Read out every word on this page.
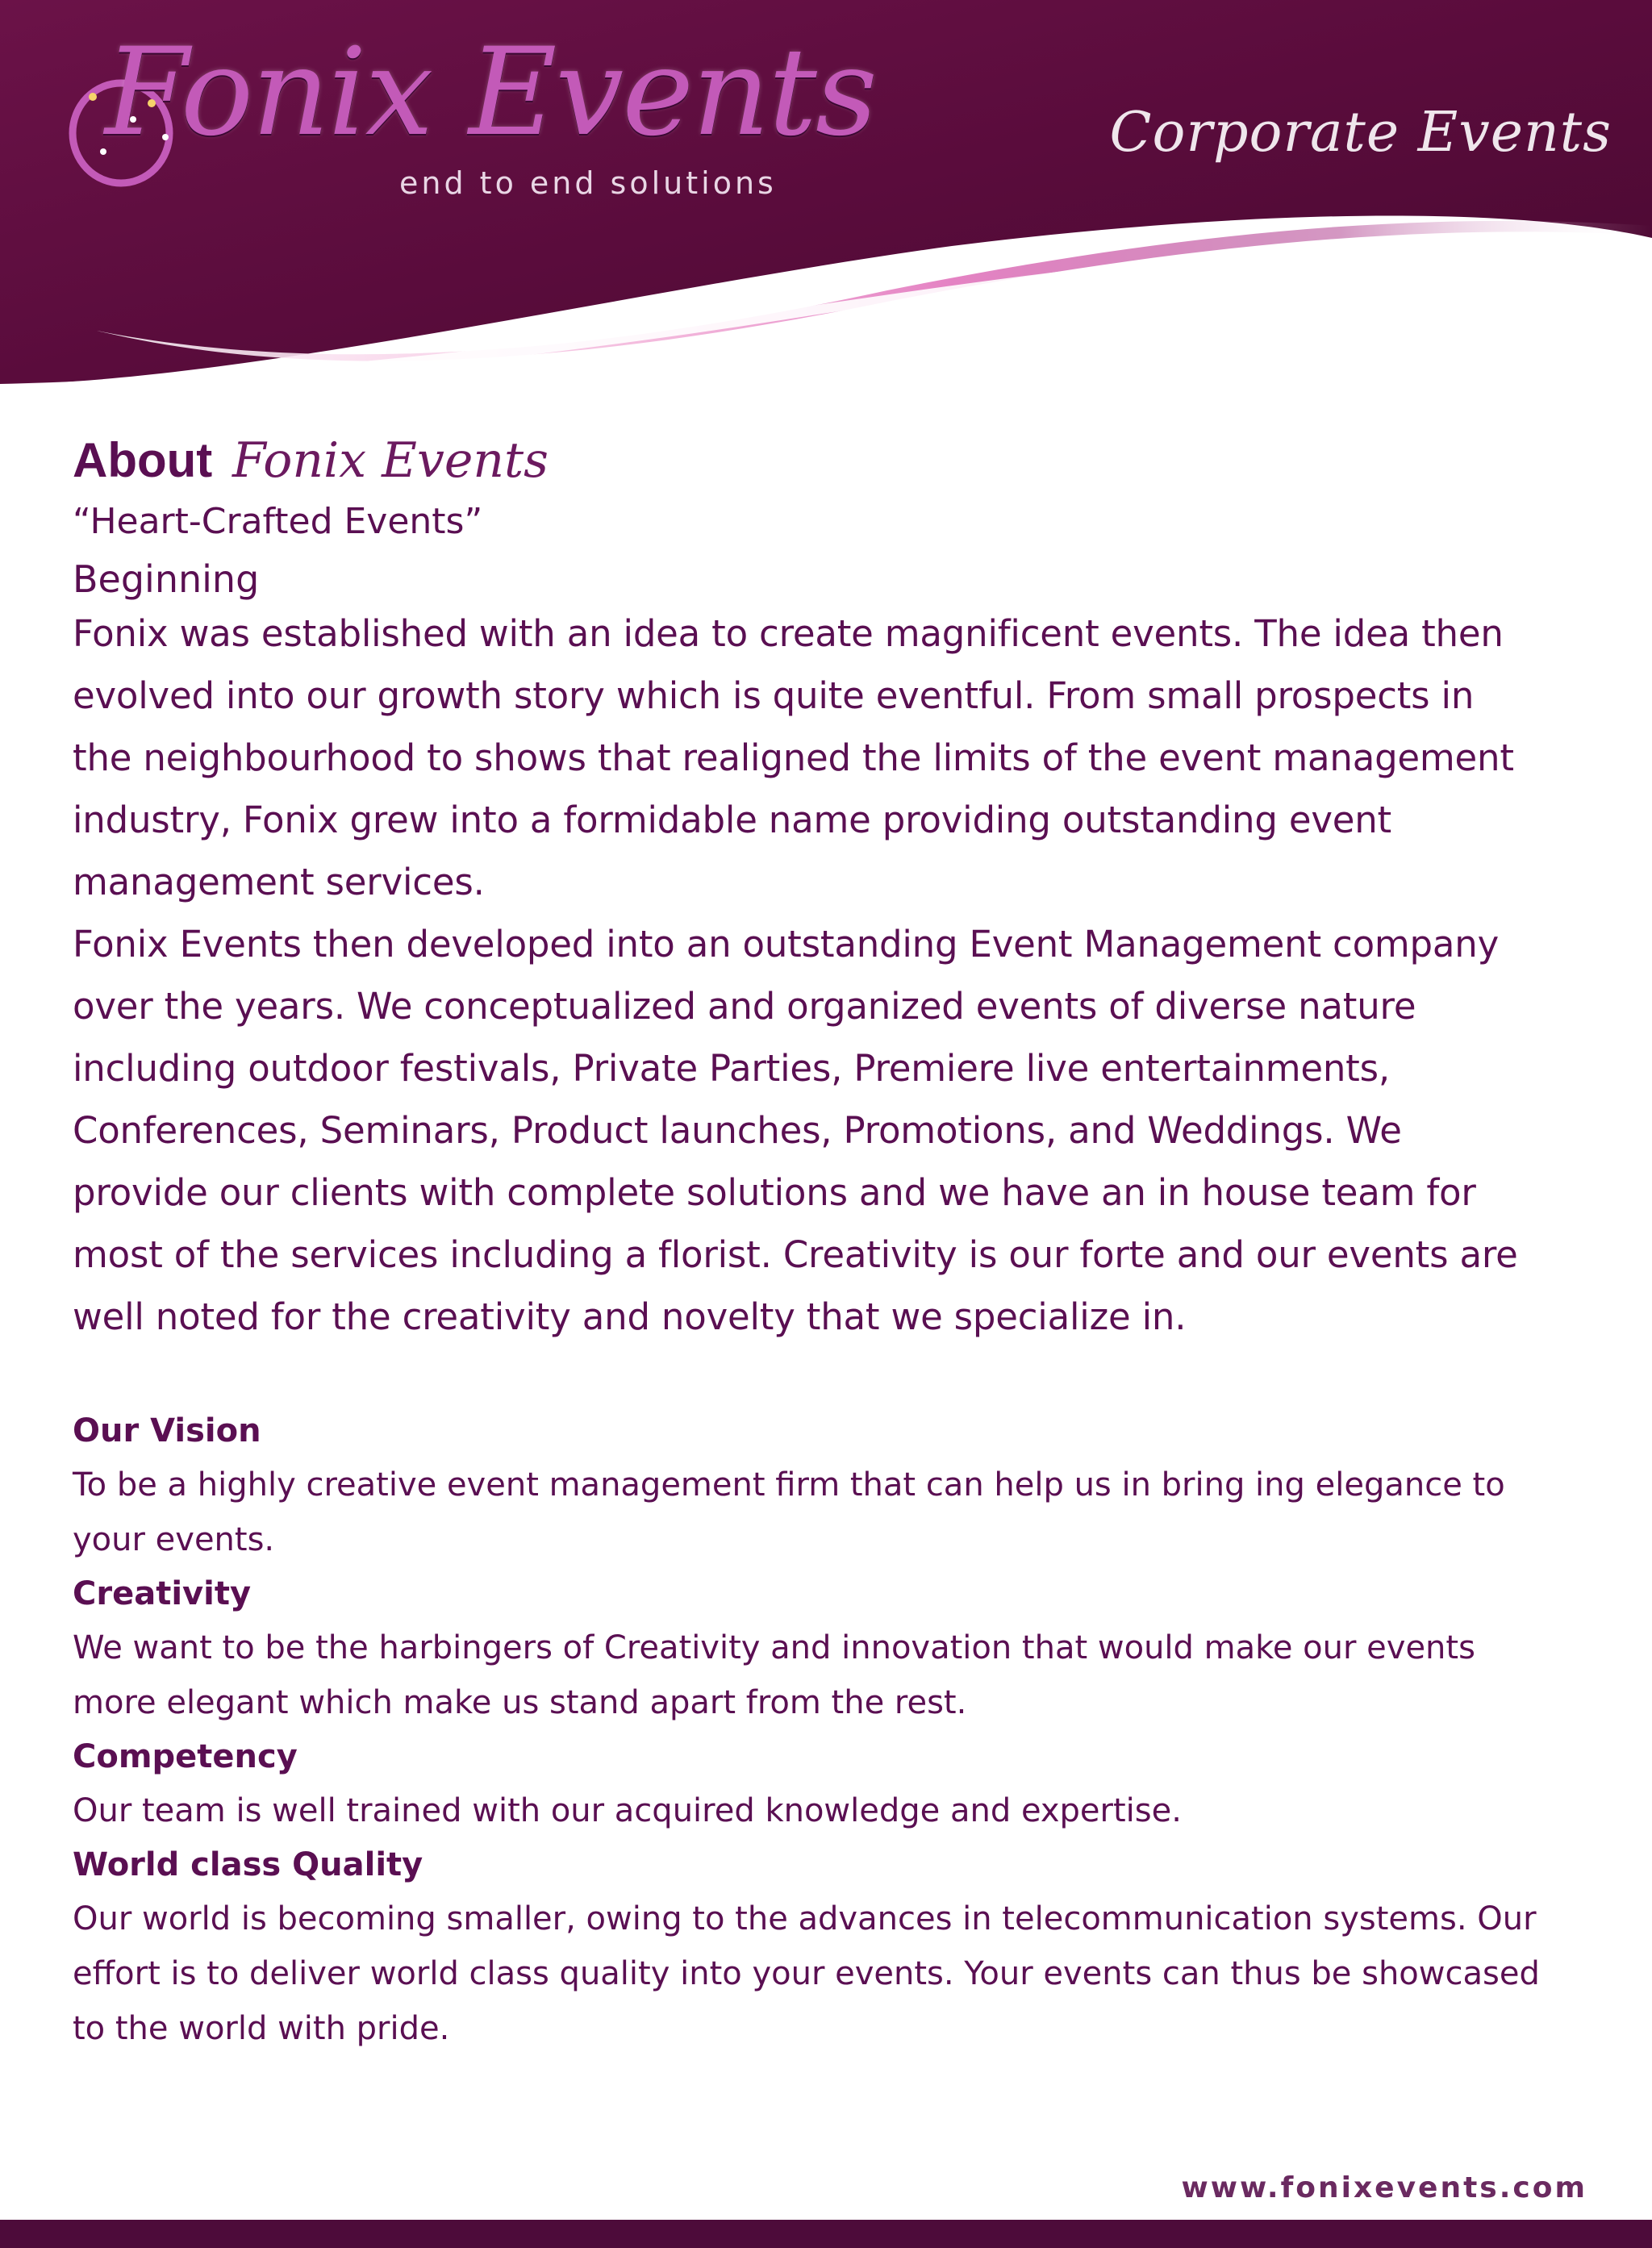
Fonix Events
end to end solutions
Corporate Events
About Fonix Events

“Heart-Crafted Events”

Beginning

Fonix was established with an idea to create magnificent events. The idea then evolved into our growth story which is quite eventful. From small prospects in the neighbourhood to shows that realigned the limits of the event management industry, Fonix grew into a formidable name providing outstanding event management services.

Fonix Events then developed into an outstanding Event Management company over the years. We conceptualized and organized events of diverse nature including outdoor festivals, Private Parties, Premiere live entertainments, Conferences, Seminars, Product launches, Promotions, and Weddings. We provide our clients with complete solutions and we have an in house team for most of the services including a florist. Creativity is our forte and our events are well noted for the creativity and novelty that we specialize in.

Our Vision

To be a highly creative event management firm that can help us in bring ing elegance to your events.

Creativity

We want to be the harbingers of Creativity and innovation that would make our events more elegant which make us stand apart from the rest.

Competency

Our team is well trained with our acquired knowledge and expertise.

World class Quality

Our world is becoming smaller, owing to the advances in telecommunication systems. Our effort is to deliver world class quality into your events. Your events can thus be showcased to the world with pride.

www.fonixevents.com
